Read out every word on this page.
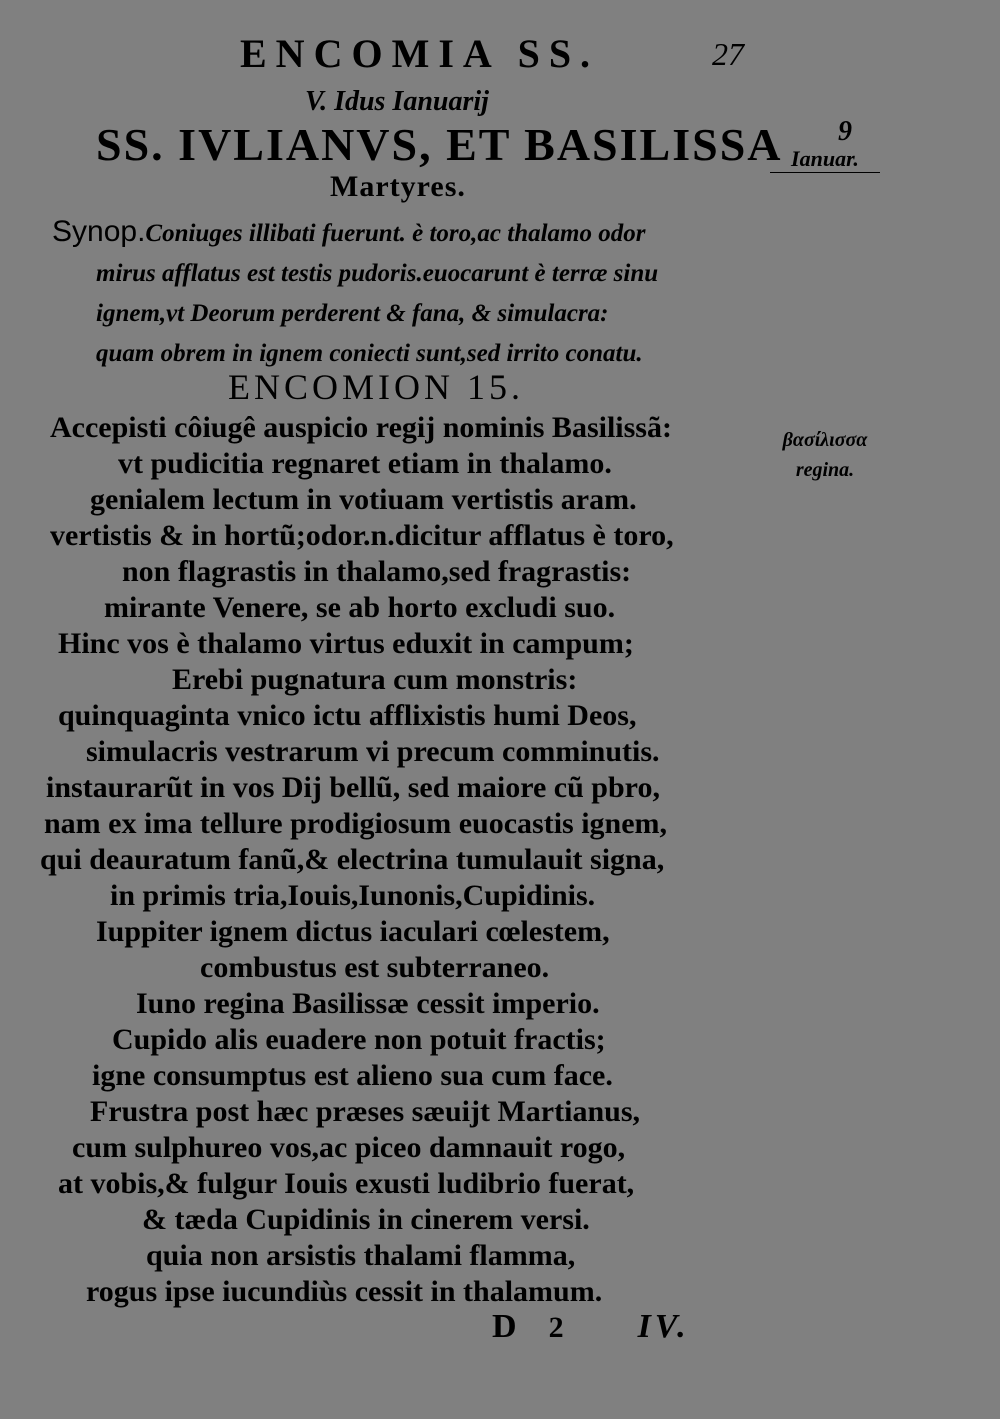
ENCOMIA SS.	27
V. Idus Ianuarij
SS. IVLIANVS, ET BASILISSA
Martyres.
9
Ianuar.
Synop.Coniuges illibati fuerunt. è toro,ac thalamo odor
mirus afflatus est testis pudoris.euocarunt è terræ sinu
ignem,vt Deorum perderent & fana, & simulacra:
quam obrem in ignem coniecti sunt,sed irrito conatu.
ENCOMION 15.
βασίλισσα
regina.
Accepisti côiugê auspicio regij nominis Basilissã:
vt pudicitia regnaret etiam in thalamo.
genialem lectum in votiuam vertistis aram.
vertistis & in hortũ;odor.n.dicitur afflatus è toro,
non flagrastis in thalamo,sed fragrastis:
mirante Venere, se ab horto excludi suo.
Hinc vos è thalamo virtus eduxit in campum;
Erebi pugnatura cum monstris:
quinquaginta vnico ictu afflixistis humi Deos,
simulacris vestrarum vi precum comminutis.
instaurarũt in vos Dij bellũ, sed maiore cũ pbro,
nam ex ima tellure prodigiosum euocastis ignem,
qui deauratum fanũ,& electrina tumulauit signa,
in primis tria,Iouis,Iunonis,Cupidinis.
Iuppiter ignem dictus iaculari cœlestem,
combustus est subterraneo.
Iuno regina Basilissæ cessit imperio.
Cupido alis euadere non potuit fractis;
igne consumptus est alieno sua cum face.
Frustra post hæc præses sæuijt Martianus,
cum sulphureo vos,ac piceo damnauit rogo,
at vobis,& fulgur Iouis exusti ludibrio fuerat,
& tæda Cupidinis in cinerem versi.
quia non arsistis thalami flamma,
rogus ipse iucundiùs cessit in thalamum.
D 2 IV.
